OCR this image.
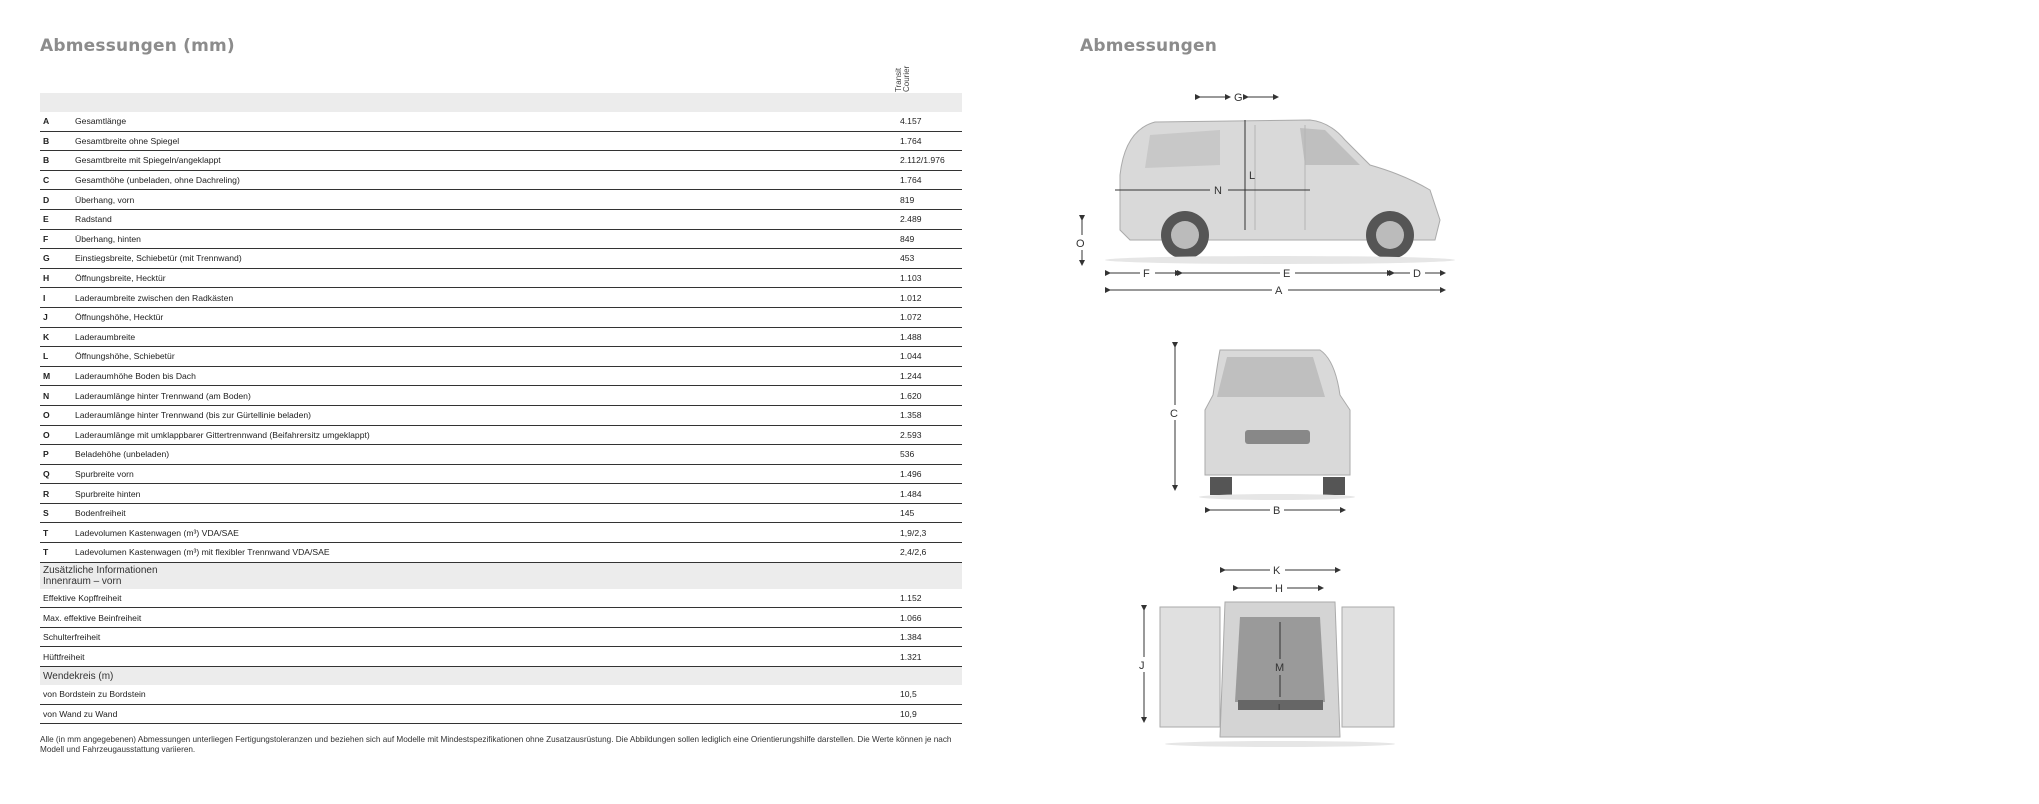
Abmessungen (mm)	Abmessungen
Transit Courier
A	Gesamtlänge	4.157
B	Gesamtbreite ohne Spiegel	1.764
B	Gesamtbreite mit Spiegeln/angeklappt	2.112/1.976
C	Gesamthöhe (unbeladen, ohne Dachreling)	1.764
D	Überhang, vorn	819
E	Radstand	2.489
F	Überhang, hinten	849
G	Einstiegsbreite, Schiebetür (mit Trennwand)	453
H	Öffnungsbreite, Hecktür	1.103
I	Laderaumbreite zwischen den Radkästen	1.012
J	Öffnungshöhe, Hecktür	1.072
K	Laderaumbreite	1.488
L	Öffnungshöhe, Schiebetür	1.044
M	Laderaumhöhe Boden bis Dach	1.244
N	Laderaumlänge hinter Trennwand (am Boden)	1.620
O	Laderaumlänge hinter Trennwand (bis zur Gürtellinie beladen)	1.358
O	Laderaumlänge mit umklappbarer Gittertrennwand (Beifahrersitz umgeklappt)	2.593
P	Beladehöhe (unbeladen)	536
Q	Spurbreite vorn	1.496
R	Spurbreite hinten	1.484
S	Bodenfreiheit	145
T	Ladevolumen Kastenwagen (m³) VDA/SAE	1,9/2,3
T	Ladevolumen Kastenwagen (m³) mit flexibler Trennwand VDA/SAE	2,4/2,6

Zusätzliche Informationen
Innenraum – vorn		

Effektive Kopffreiheit		1.152
Max. effektive Beinfreiheit		1.066
Schulterfreiheit		1.384
Hüftfreiheit		1.321
Wendekreis (m)		
von Bordstein zu Bordstein		10,5
von Wand zu Wand		10,9
Alle (in mm angegebenen) Abmessungen unterliegen Fertigungstoleranzen und beziehen sich auf Modelle mit Mindestspezifikationen ohne Zusatzausrüstung. Die Abbildungen sollen lediglich eine Orientierungshilfe darstellen. Die Werte können je nach Modell und Fahrzeugausstattung variieren.
G
L
N
O
F	E	D
A
C
B
K
H
J	M
I
